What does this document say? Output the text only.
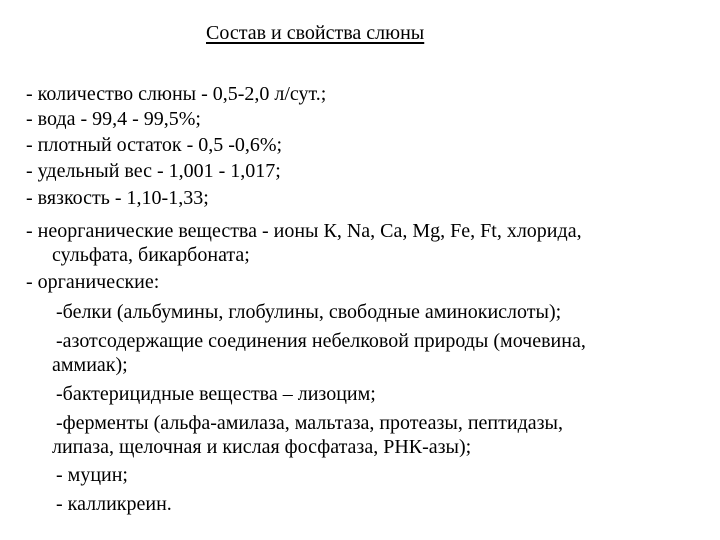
Состав и свойства слюны
- количество слюны - 0,5-2,0 л/сут.;
- вода - 99,4 - 99,5%;
- плотный остаток - 0,5 -0,6%;
- удельный вес - 1,001 - 1,017;
- вязкость - 1,10-1,33;
- неорганические вещества - ионы К, Na, Ca, Mg, Fe, Ft, хлорида,
сульфата, бикарбоната;
- органические:
-белки (альбумины, глобулины, свободные аминокислоты);
-азотсодержащие соединения небелковой природы (мочевина,
аммиак);
-бактерицидные вещества – лизоцим;
-ферменты (альфа-амилаза, мальтаза, протеазы, пептидазы,
липаза, щелочная и кислая фосфатаза, РНК-азы);
- муцин;
- калликреин.
